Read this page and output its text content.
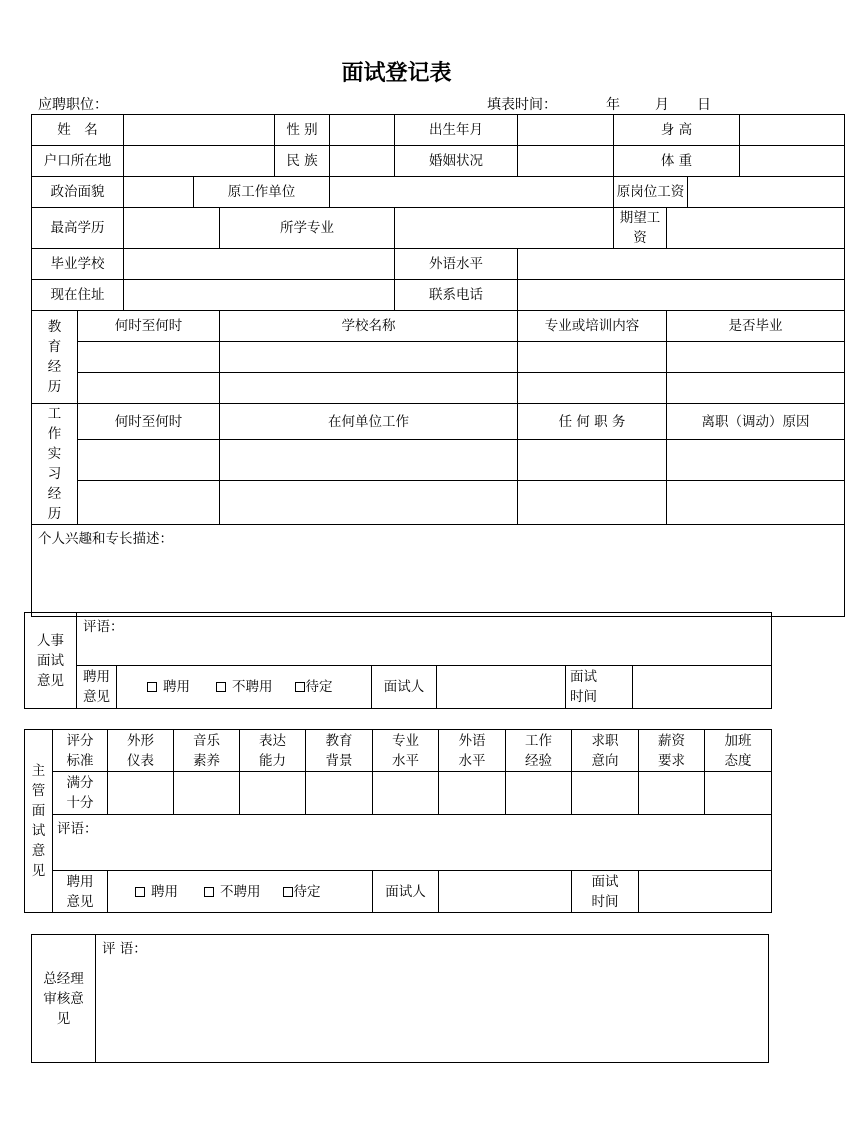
面试登记表
应聘职位：	填表时间：	年	月 日
姓　名					性 别		出生年月		身 高			
户口所在地					民 族		婚姻状况		体 重			
政治面貌			原工作单位						原岗位工资			
最高学历				所学专业					期望工资			
毕业学校							外语水平					
现在住址							联系电话					

教育经历	何时至何时			学校名称				专业或培训内容		是否毕业		

工作实习经历	何时至何时			在何单位工作				任 何 职 务		离职（调动）原因		

个人兴趣和专长描述：												
人事面试意见	评语：					

	聘用意见	聘用 不聘用 待定	面试人		面试时间	

主管面试意见	评分标准	外形仪表	音乐素养	表达能力	教育背景	专业水平	外语水平	工作经验	求职意向	薪资要求	加班态度

	满分十分										

	评语：										

	聘用意见	聘用 不聘用 待定				面试人			面试时间		

总经理审核意见
	评 语：
